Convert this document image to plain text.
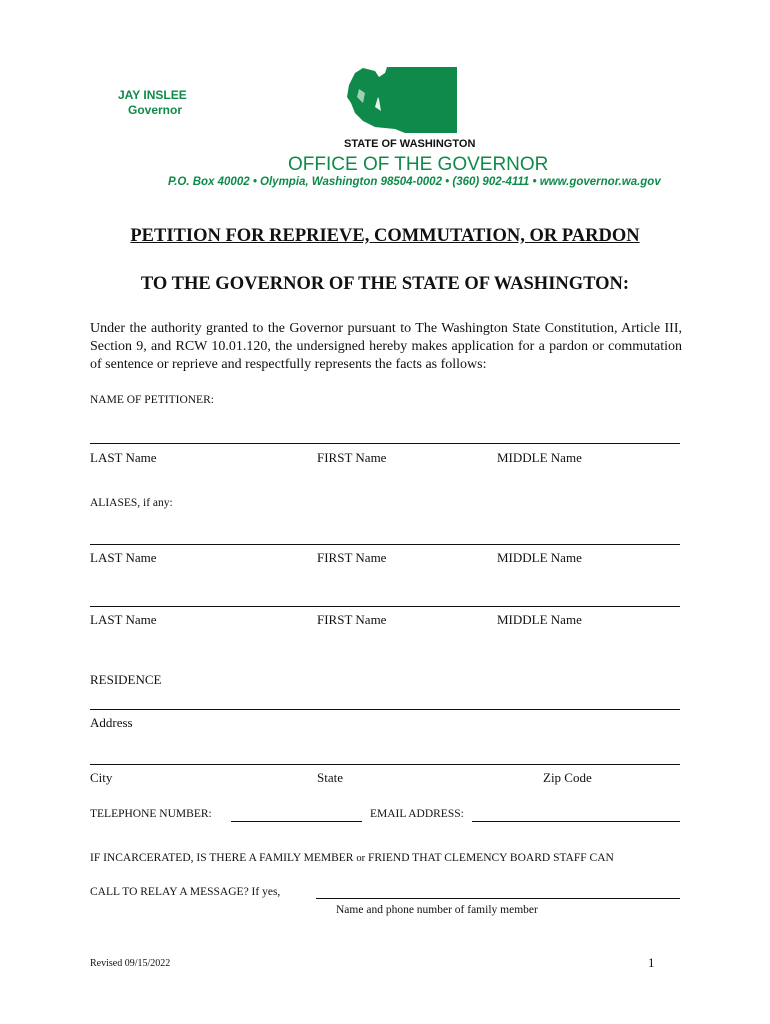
JAY INSLEE
Governor
STATE OF WASHINGTON
OFFICE OF THE GOVERNOR
P.O. Box 40002 • Olympia, Washington 98504-0002 • (360) 902-4111 • www.governor.wa.gov
PETITION FOR REPRIEVE, COMMUTATION, OR PARDON
TO THE GOVERNOR OF THE STATE OF WASHINGTON:
Under the authority granted to the Governor pursuant to The Washington State Constitution, Article III, Section 9, and RCW 10.01.120, the undersigned hereby makes application for a pardon or commutation of sentence or reprieve and respectfully represents the facts as follows:
NAME OF PETITIONER:
LAST Name	FIRST Name	MIDDLE Name
ALIASES, if any:
LAST Name	FIRST Name	MIDDLE Name
LAST Name	FIRST Name	MIDDLE Name
RESIDENCE
Address
City	State	Zip Code
TELEPHONE NUMBER:	EMAIL ADDRESS:
IF INCARCERATED, IS THERE A FAMILY MEMBER or FRIEND THAT CLEMENCY BOARD STAFF CAN
CALL TO RELAY A MESSAGE? If yes,
Name and phone number of family member
Revised 09/15/2022	1
